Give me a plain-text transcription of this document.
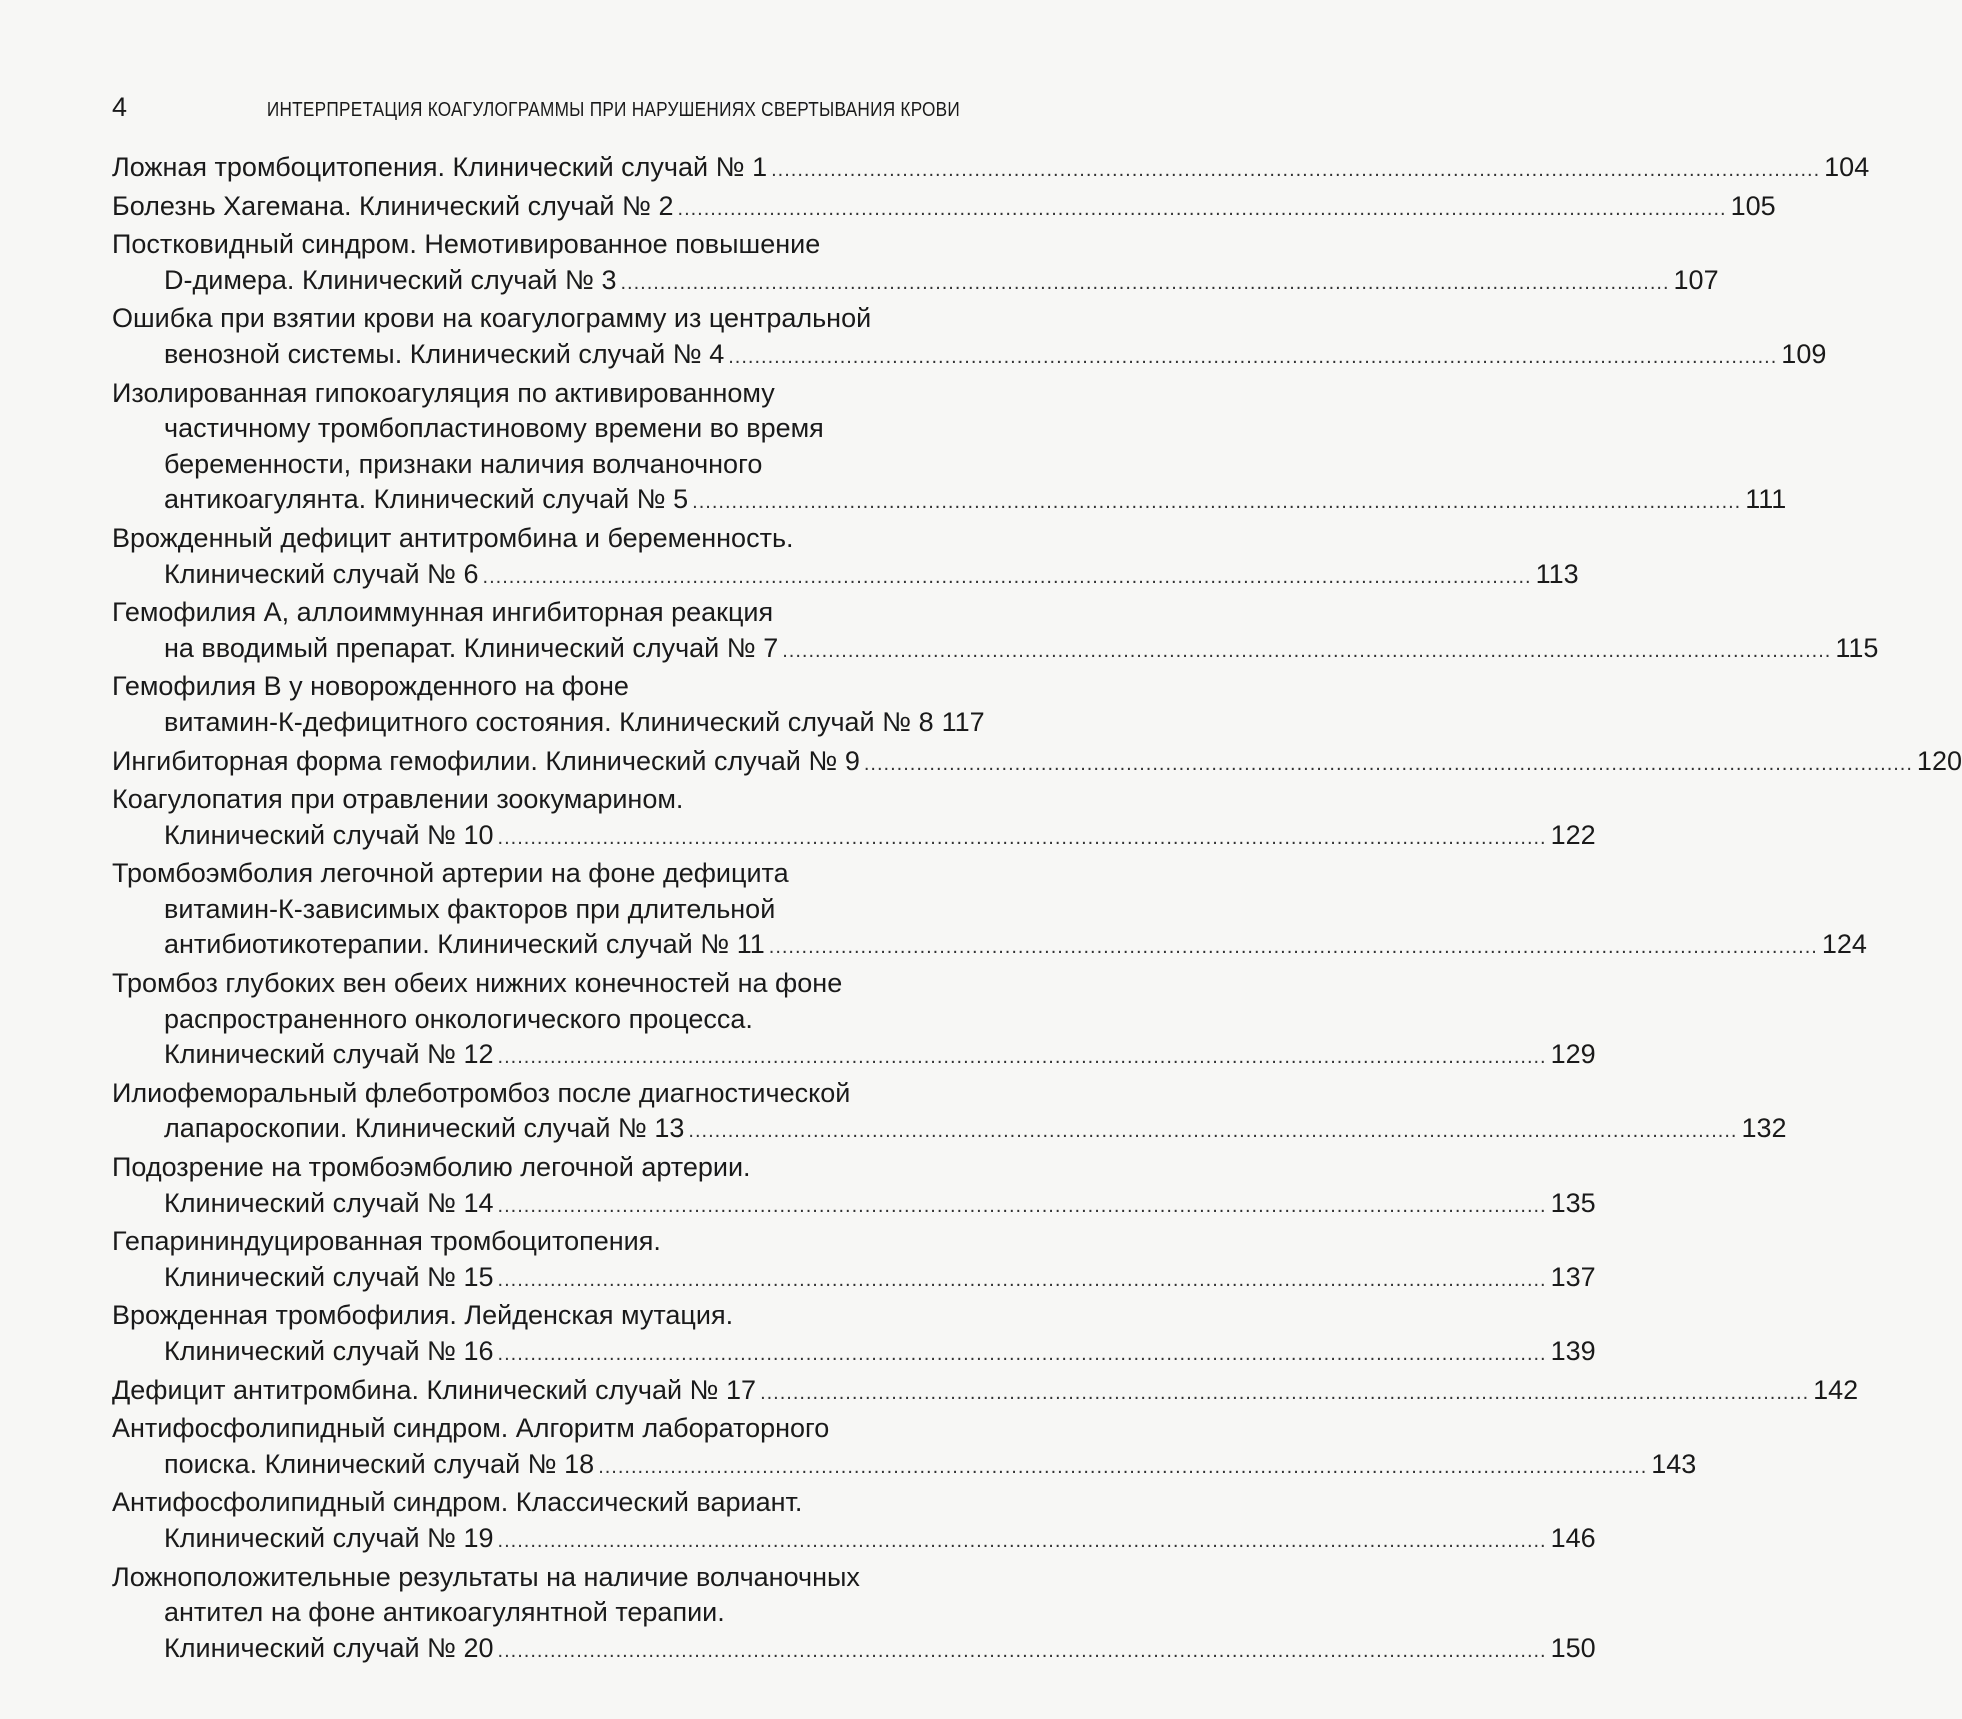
4	ИНТЕРПРЕТАЦИЯ КОАГУЛОГРАММЫ ПРИ НАРУШЕНИЯХ СВЕРТЫВАНИЯ КРОВИ
Ложная тромбоцитопения. Клинический случай № 1 .....	104
Болезнь Хагемана. Клинический случай № 2 .....	105
Постковидный синдром. Немотивированное повышение
D-димера. Клинический случай № 3 .....	107
Ошибка при взятии крови на коагулограмму из центральной
венозной системы. Клинический случай № 4 .....	109
Изолированная гипокоагуляция по активированному
частичному тромбопластиновому времени во время
беременности, признаки наличия волчаночного
антикоагулянта. Клинический случай № 5 .....	111
Врожденный дефицит антитромбина и беременность.
Клинический случай № 6 .....	113
Гемофилия А, аллоиммунная ингибиторная реакция
на вводимый препарат. Клинический случай № 7 .....	115
Гемофилия В у новорожденного на фоне
витамин-К-дефицитного состояния. Клинический случай № 8 117
Ингибиторная форма гемофилии. Клинический случай № 9 .....	120
Коагулопатия при отравлении зоокумарином.
Клинический случай № 10 .....	122
Тромбоэмболия легочной артерии на фоне дефицита
витамин-К-зависимых факторов при длительной
антибиотикотерапии. Клинический случай № 11 .....	124
Тромбоз глубоких вен обеих нижних конечностей на фоне
распространенного онкологического процесса.
Клинический случай № 12 .....	129
Илиофеморальный флеботромбоз после диагностической
лапароскопии. Клинический случай № 13 .....	132
Подозрение на тромбоэмболию легочной артерии.
Клинический случай № 14 .....	135
Гепарининдуцированная тромбоцитопения.
Клинический случай № 15 .....	137
Врожденная тромбофилия. Лейденская мутация.
Клинический случай № 16 .....	139
Дефицит антитромбина. Клинический случай № 17 .....	142
Антифосфолипидный синдром. Алгоритм лабораторного
поиска. Клинический случай № 18 .....	143
Антифосфолипидный синдром. Классический вариант.
Клинический случай № 19 .....	146
Ложноположительные результаты на наличие волчаночных
антител на фоне антикоагулянтной терапии.
Клинический случай № 20 .....	150
